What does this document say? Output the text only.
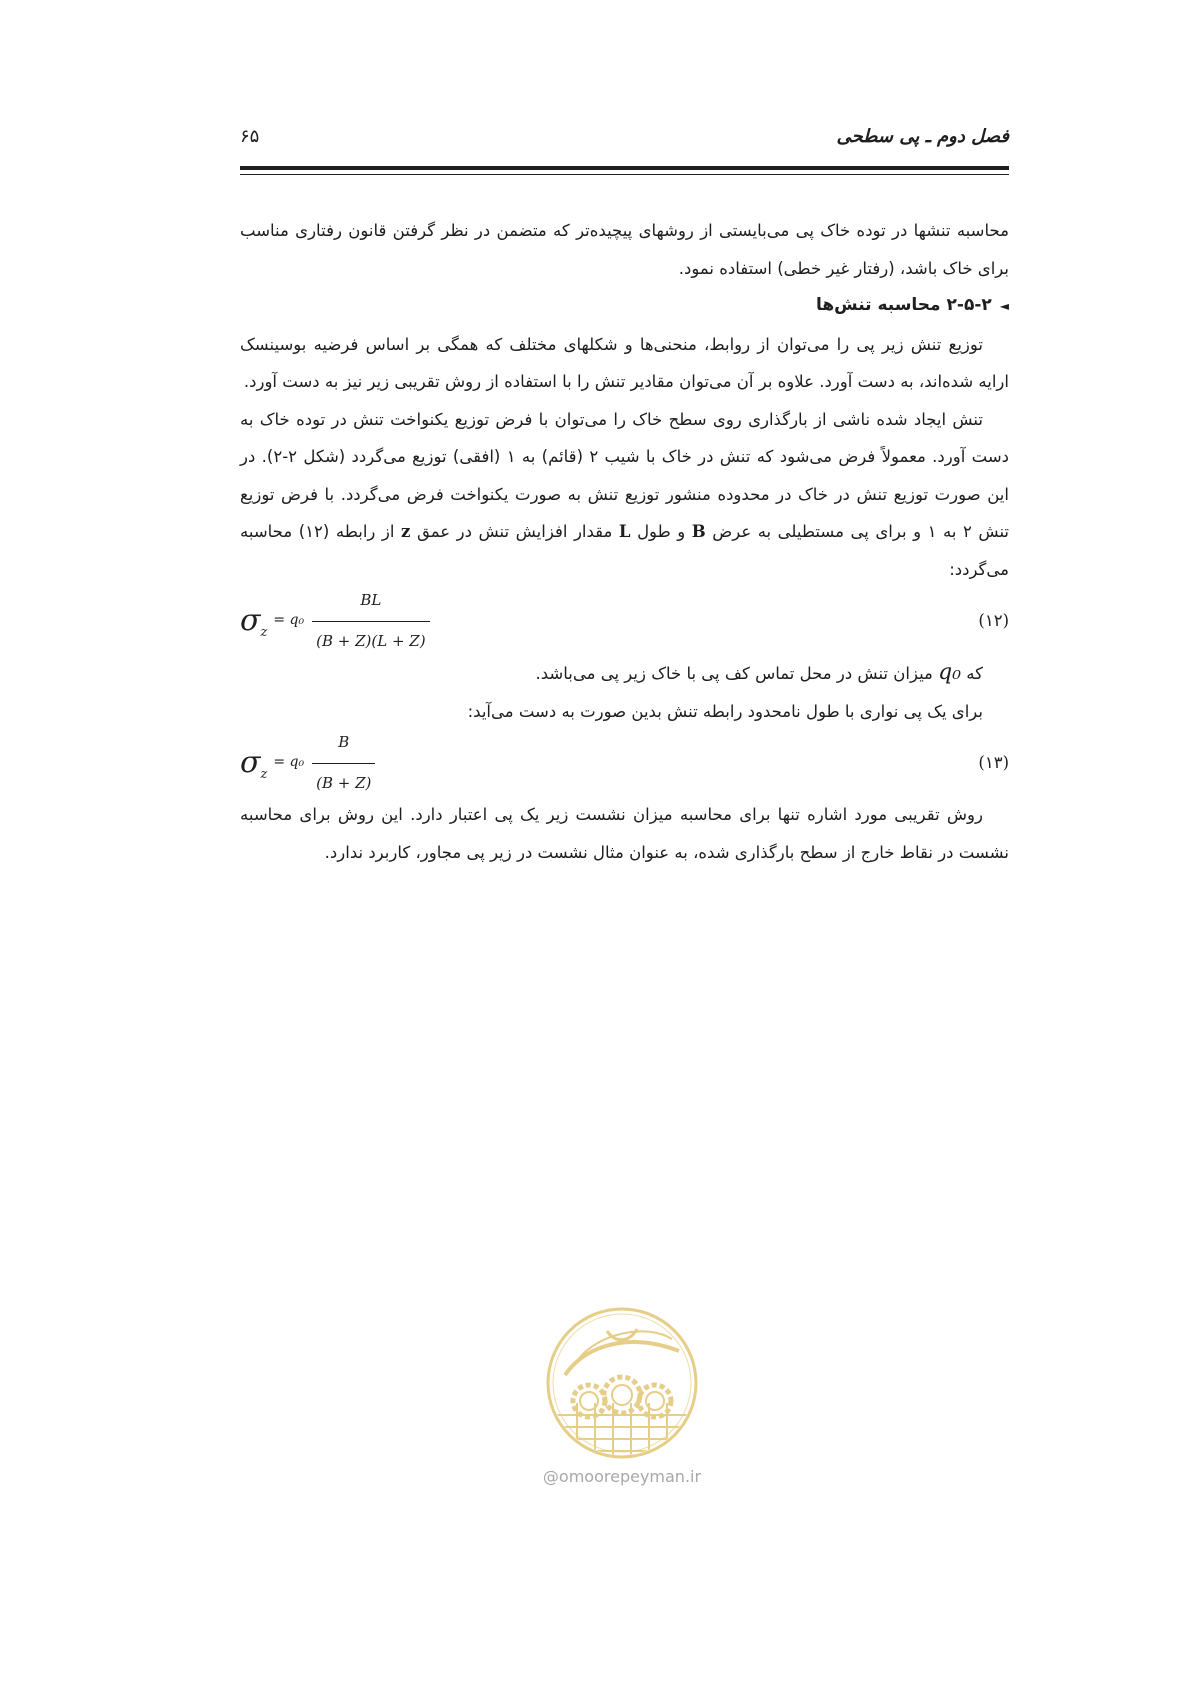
فصل دوم ـ پی سطحی
۶۵

محاسبه تنشها در توده خاک پی می‌بایستی از روشهای پیچیده‌تر که متضمن در نظر گرفتن قانون رفتاری مناسب برای خاک باشد، (رفتار غیر خطی) استفاده نمود.

◄۲-۵-۲ محاسبه تنش‌ها

توزیع تنش زیر پی را می‌توان از روابط، منحنی‌ها و شکلهای مختلف که همگی بر اساس فرضیه بوسینسک ارایه شده‌اند، به دست آورد. علاوه بر آن می‌توان مقادیر تنش را با استفاده از روش تقریبی زیر نیز به دست آورد.

تنش ایجاد شده ناشی از بارگذاری روی سطح خاک را می‌توان با فرض توزیع یکنواخت تنش در توده خاک به دست آورد. معمولاً فرض می‌شود که تنش در خاک با شیب ۲ (قائم) به ۱ (افقی) توزیع می‌گردد (شکل ۲-۲). در این صورت توزیع تنش در خاک در محدوده منشور توزیع تنش به صورت یکنواخت فرض می‌گردد. با فرض توزیع تنش ۲ به ۱ و برای پی مستطیلی به عرض B و طول L مقدار افزایش تنش در عمق z از رابطه (۱۲) محاسبه می‌گردد:

σ z
= $q_0 \frac{BL}{(B + Z)(L + Z)}$	(۱۲)

که q₀ میزان تنش در محل تماس کف پی با خاک زیر پی می‌باشد.

برای یک پی نواری با طول نامحدود رابطه تنش بدین صورت به دست می‌آید:

σ z
= $q_0 \frac{B}{(B + Z)}$	(۱۳)

روش تقریبی مورد اشاره تنها برای محاسبه میزان نشست زیر یک پی اعتبار دارد. این روش برای محاسبه نشست در نقاط خارج از سطح بارگذاری شده، به عنوان مثال نشست در زیر پی مجاور، کاربرد ندارد.

@omoorepeyman.ir
